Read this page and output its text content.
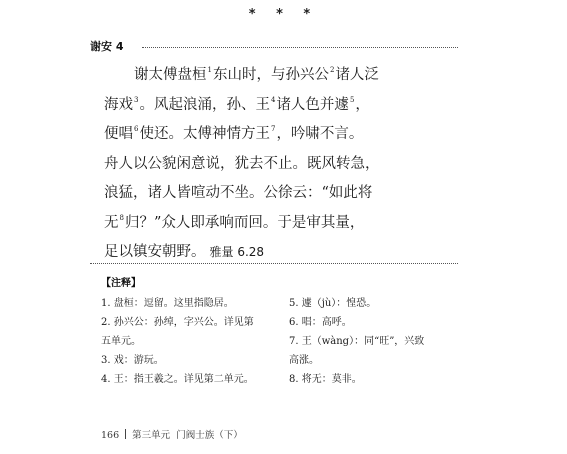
* * *
谢安 4
谢太傅盘桓$^1$东山时，与孙兴公$^2$诸人泛
海戏$^3$。风起浪涌，孙、王$^4$诸人色并遽$^5$，
便唱$^6$使还。太傅神情方王$^7$，吟啸不言。
舟人以公貌闲意说，犹去不止。既风转急，
浪猛，诸人皆喧动不坐。公徐云：“如此将
无$^8$归？”众人即承响而回。于是审其量，
足以镇安朝野。 雅量 6.28
【注释】
1. 盘桓：逗留。这里指隐居。
2. 孙兴公：孙绰，字兴公。详见第
五单元。
3. 戏：游玩。
4. 王：指王羲之。详见第二单元。
5. 遽（jù）：惶恐。
6. 唱：高呼。
7. 王（wàng）：同“旺”，兴致
高涨。
8. 将无：莫非。
166 第三单元 门阀士族（下）
